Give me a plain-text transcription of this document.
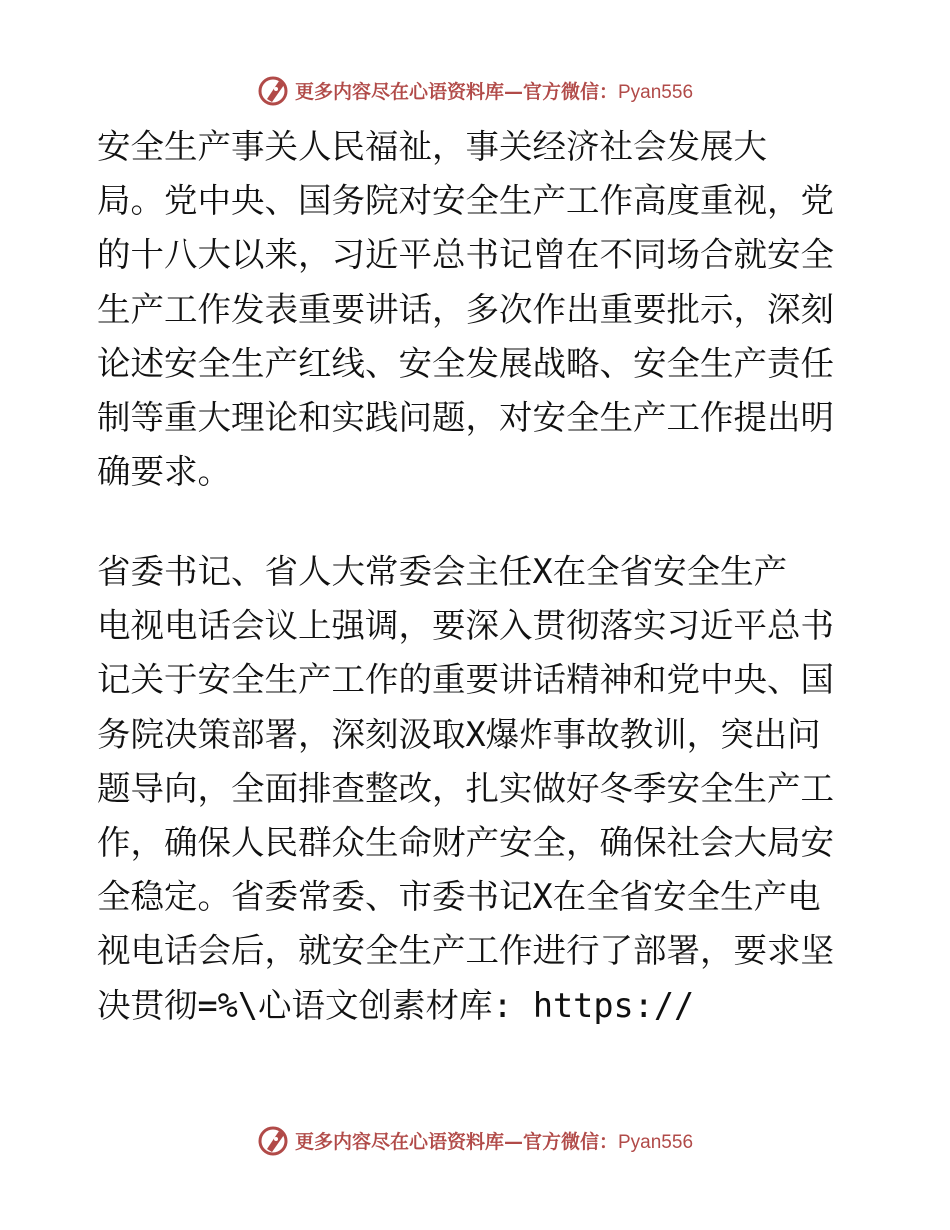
更多内容尽在心语资料库—官方微信：Pyan556
安全生产事关人民福祉，事关经济社会发展大
局。党中央、国务院对安全生产工作高度重视，党
的十八大以来，习近平总书记曾在不同场合就安全
生产工作发表重要讲话，多次作出重要批示，深刻
论述安全生产红线、安全发展战略、安全生产责任
制等重大理论和实践问题，对安全生产工作提出明
确要求。
省委书记、省人大常委会主任X在全省安全生产
电视电话会议上强调，要深入贯彻落实习近平总书
记关于安全生产工作的重要讲话精神和党中央、国
务院决策部署，深刻汲取X爆炸事故教训，突出问
题导向，全面排查整改，扎实做好冬季安全生产工
作，确保人民群众生命财产安全，确保社会大局安
全稳定。省委常委、市委书记X在全省安全生产电
视电话会后，就安全生产工作进行了部署，要求坚
决贯彻=%\心语文创素材库: https://
更多内容尽在心语资料库—官方微信：Pyan556
